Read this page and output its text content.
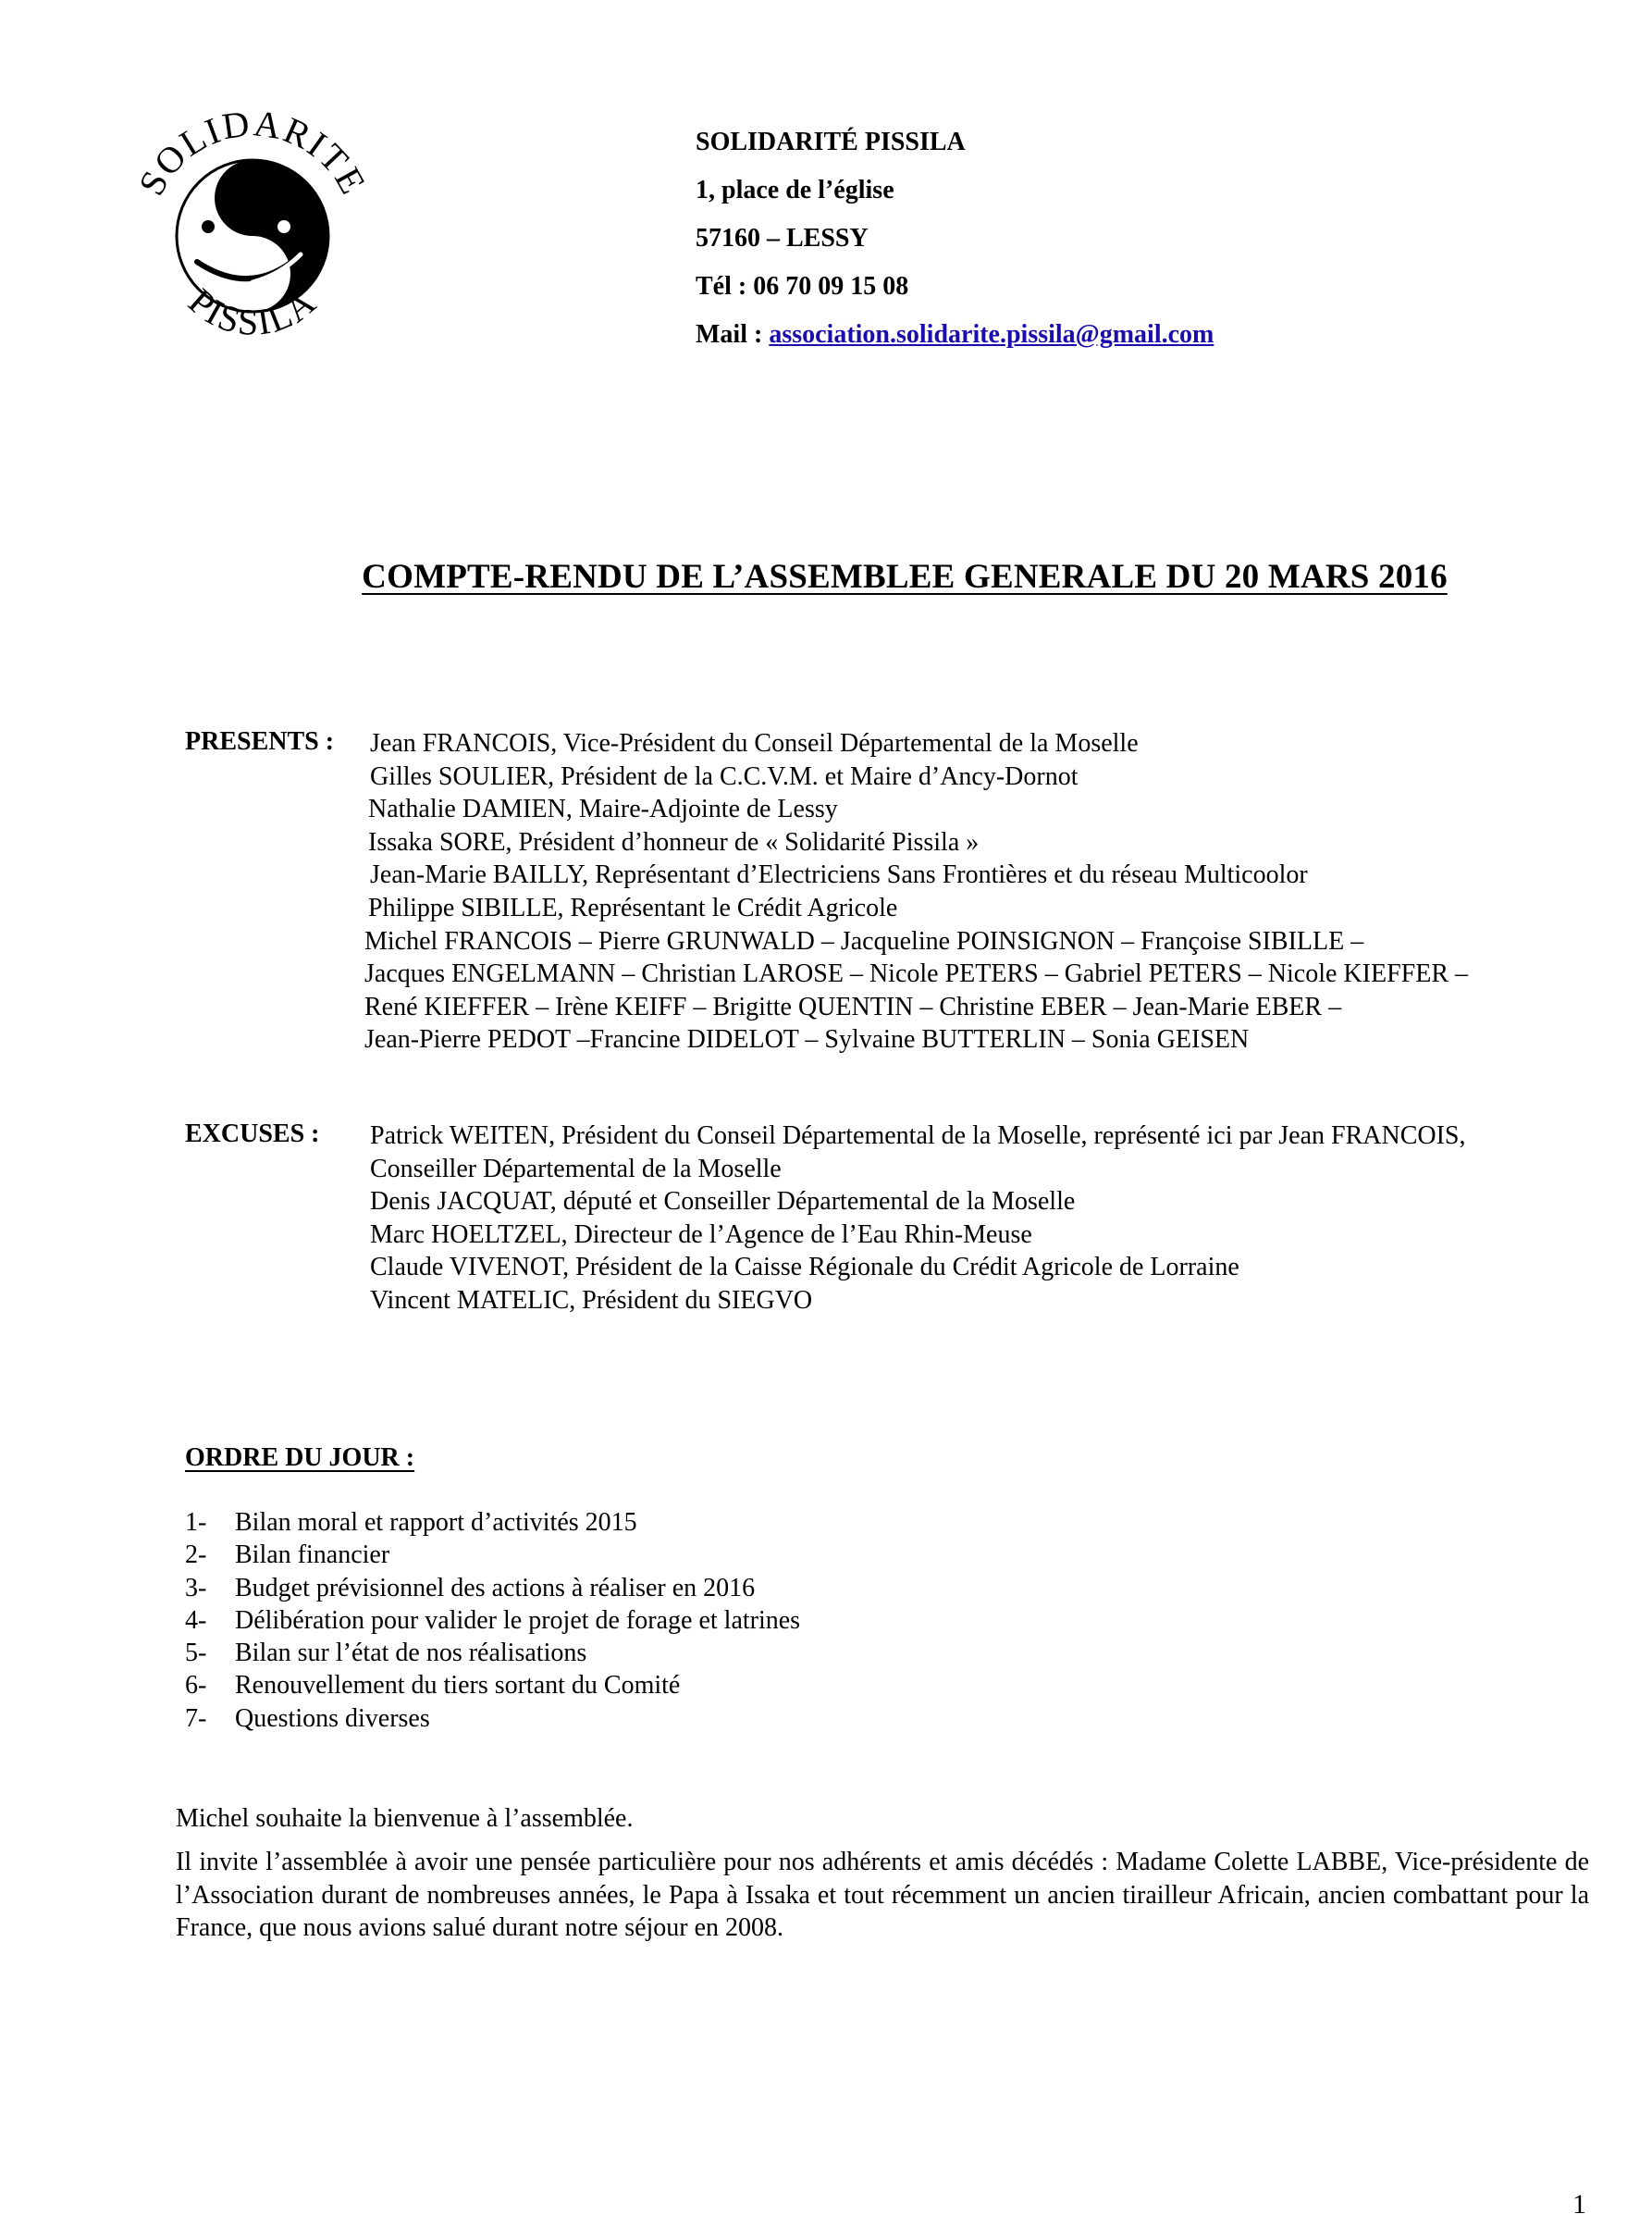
SOLIDARITE
PISSILA
SOLIDARITÉ PISSILA
1, place de l’église
57160 – LESSY
Tél : 06 70 09 15 08
Mail : association.solidarite.pissila@gmail.com
COMPTE-RENDU DE L’ASSEMBLEE GENERALE DU 20 MARS 2016
PRESENTS : Jean FRANCOIS, Vice-Président du Conseil Départemental de la Moselle
Gilles SOULIER, Président de la C.C.V.M. et Maire d’Ancy-Dornot
Nathalie DAMIEN, Maire-Adjointe de Lessy
Issaka SORE, Président d’honneur de « Solidarité Pissila »
Jean-Marie BAILLY, Représentant d’Electriciens Sans Frontières et du réseau Multicoolor
Philippe SIBILLE, Représentant le Crédit Agricole
Michel FRANCOIS – Pierre GRUNWALD – Jacqueline POINSIGNON – Françoise SIBILLE –
Jacques ENGELMANN – Christian LAROSE – Nicole PETERS – Gabriel PETERS – Nicole KIEFFER –
René KIEFFER – Irène KEIFF – Brigitte QUENTIN – Christine EBER – Jean-Marie EBER –
Jean-Pierre PEDOT –Francine DIDELOT – Sylvaine BUTTERLIN – Sonia GEISEN
EXCUSES : Patrick WEITEN, Président du Conseil Départemental de la Moselle, représenté ici par Jean FRANCOIS,
Conseiller Départemental de la Moselle
Denis JACQUAT, député et Conseiller Départemental de la Moselle
Marc HOELTZEL, Directeur de l’Agence de l’Eau Rhin-Meuse
Claude VIVENOT, Président de la Caisse Régionale du Crédit Agricole de Lorraine
Vincent MATELIC, Président du SIEGVO
ORDRE DU JOUR :
1-	Bilan moral et rapport d’activités 2015
2-	Bilan financier
3-	Budget prévisionnel des actions à réaliser en 2016
4-	Délibération pour valider le projet de forage et latrines
5-	Bilan sur l’état de nos réalisations
6-	Renouvellement du tiers sortant du Comité
7-	Questions diverses
Michel souhaite la bienvenue à l’assemblée.
Il invite l’assemblée à avoir une pensée particulière pour nos adhérents et amis décédés : Madame Colette LABBE, Vice-présidente de l’Association durant de nombreuses années, le Papa à Issaka et tout récemment un ancien tirailleur Africain, ancien combattant pour la France, que nous avions salué durant notre séjour en 2008.
1
